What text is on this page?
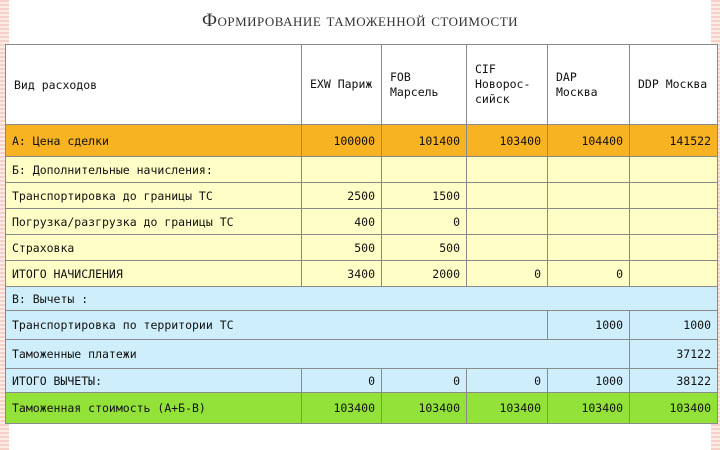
Формирование таможенной стоимости
Вид расходов	EXW Париж	FOB Марсель	CIF Новорос-сийск	DAP Москва	DDP Москва
А: Цена сделки	100000	101400	103400	104400	141522
Б: Дополнительные начисления:					
Транспортировка до границы ТС	2500	1500			
Погрузка/разгрузка до границы ТС	400	0			
Страховка	500	500			
ИТОГО НАЧИСЛЕНИЯ	3400	2000	0	0	
В: Вычеты :					
Транспортировка по территории ТС				1000	1000
Таможенные платежи					37122
ИТОГО ВЫЧЕТЫ:	0	0	0	1000	38122
Таможенная стоимость (А+Б-В)	103400	103400	103400	103400	103400
